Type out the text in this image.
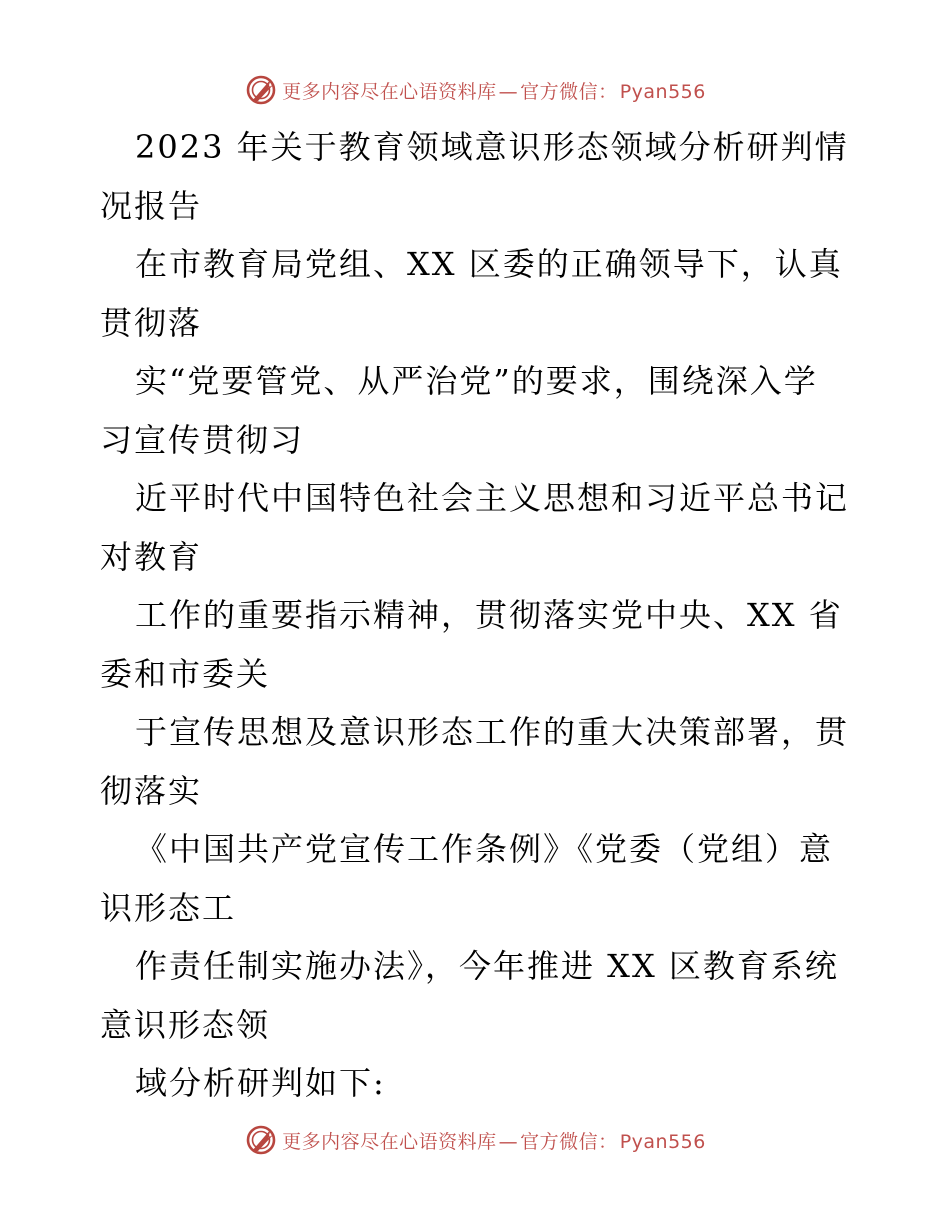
更多内容尽在心语资料库 — 官方微信： Pyan556
2023 年关于教育领域意识形态领域分析研判情
况报告
在市教育局党组、XX 区委的正确领导下，认真
贯彻落
实“党要管党、从严治党”的要求，围绕深入学
习宣传贯彻习
近平时代中国特色社会主义思想和习近平总书记
对教育
工作的重要指示精神，贯彻落实党中央、XX 省
委和市委关
于宣传思想及意识形态工作的重大决策部署，贯
彻落实
《中国共产党宣传工作条例》《党委（党组）意
识形态工
作责任制实施办法》，今年推进 XX 区教育系统
意识形态领
域分析研判如下:
更多内容尽在心语资料库 — 官方微信： Pyan556
